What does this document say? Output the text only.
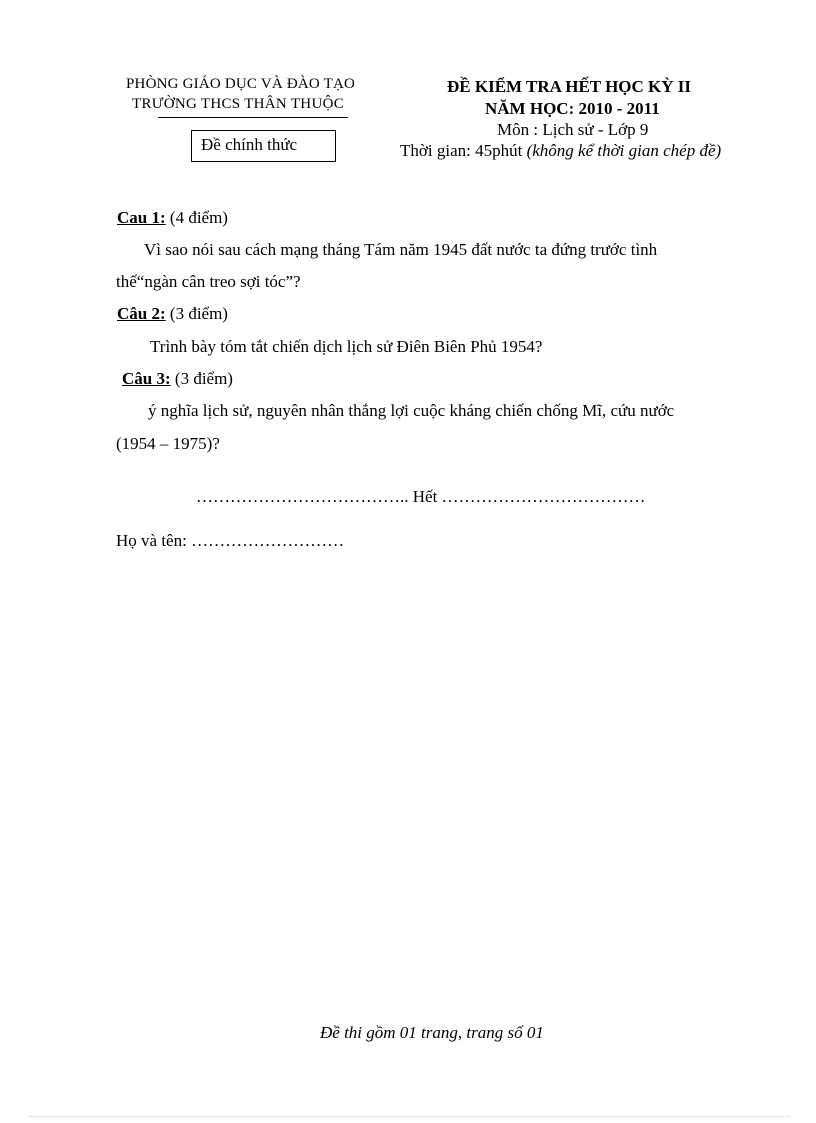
PHÒNG GIÁO DỤC VÀ ĐÀO TẠO
TRƯỜNG THCS THÂN THUỘC
Đề chính thức
ĐỀ KIỂM TRA HẾT HỌC KỲ II
NĂM HỌC: 2010 - 2011
Môn : Lịch sử - Lớp 9
Thời gian: 45phút (không kể thời gian chép đề)
Cau 1: (4 điểm)
Vì sao nói sau cách mạng tháng Tám năm 1945 đất nước ta đứng trước tình
thế“ngàn cân treo sợi tóc”?
Câu 2: (3 điểm)
Trình bày tóm tắt chiến dịch lịch sử Điên Biên Phủ 1954?
Câu 3: (3 điểm)
ý nghĩa lịch sử, nguyên nhân thắng lợi cuộc kháng chiến chống Mĩ, cứu nước
(1954 – 1975)?
……………………………….. Hết ………………………………
Họ và tên: ………………………
Đề thi gồm 01 trang, trang số 01
